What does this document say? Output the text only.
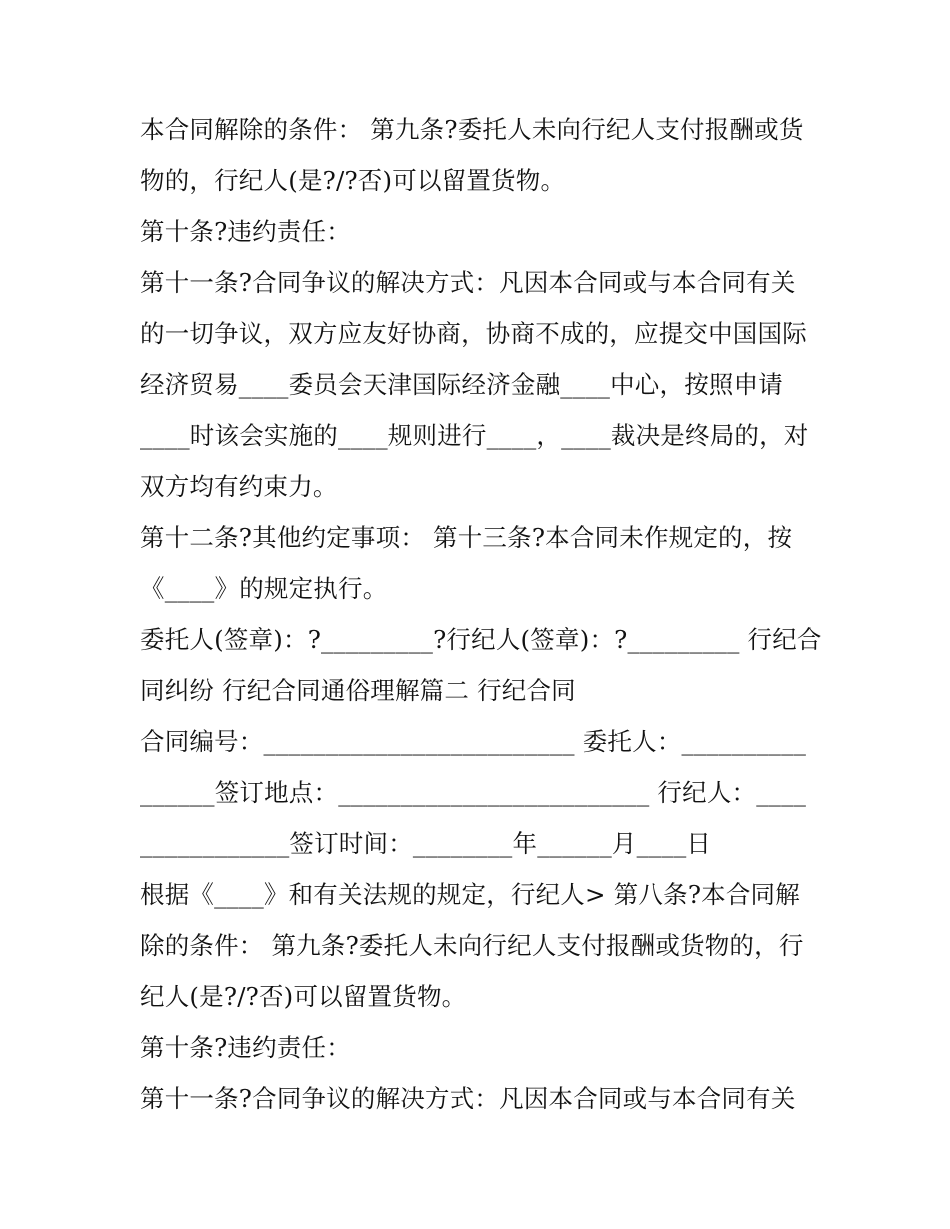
本合同解除的条件： 第九条?委托人未向行纪人支付报酬或货
物的，行纪人(是?/?否)可以留置货物。
第十条?违约责任：
第十一条?合同争议的解决方式：凡因本合同或与本合同有关
的一切争议，双方应友好协商，协商不成的，应提交中国国际
经济贸易____委员会天津国际经济金融____中心，按照申请
____时该会实施的____规则进行____，____裁决是终局的，对
双方均有约束力。
第十二条?其他约定事项： 第十三条?本合同未作规定的，按
《____》的规定执行。
委托人(签章)：?_________?行纪人(签章)：?_________ 行纪合
同纠纷 行纪合同通俗理解篇二 行纪合同
合同编号：_________________________ 委托人：__________
______签订地点：_________________________ 行纪人：____
____________签订时间：________年______月____日
根据《____》和有关法规的规定，行纪人> 第八条?本合同解
除的条件： 第九条?委托人未向行纪人支付报酬或货物的，行
纪人(是?/?否)可以留置货物。
第十条?违约责任：
第十一条?合同争议的解决方式：凡因本合同或与本合同有关
